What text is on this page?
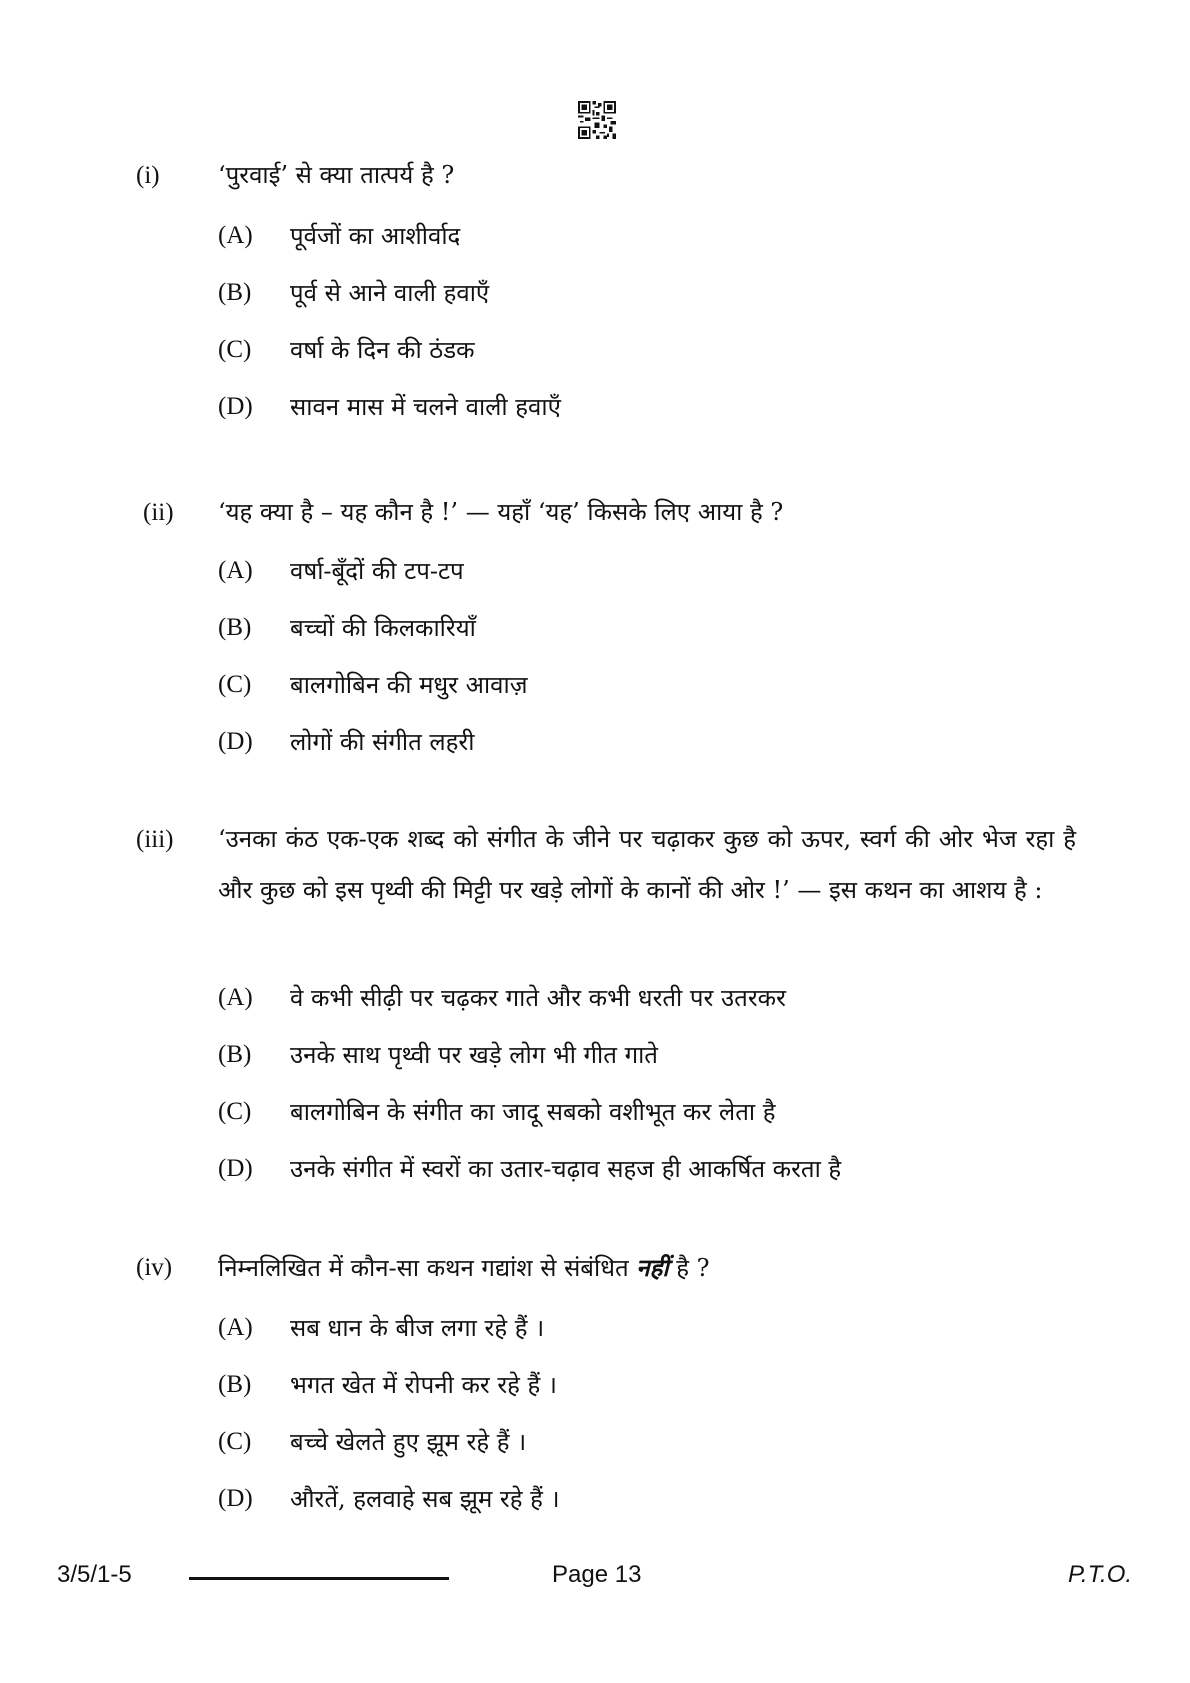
(i) ‘पुरवाई’ से क्या तात्पर्य है ?
(A) पूर्वजों का आशीर्वाद
(B) पूर्व से आने वाली हवाएँ
(C) वर्षा के दिन की ठंडक
(D) सावन मास में चलने वाली हवाएँ
(ii) ‘यह क्या है – यह कौन है !’ — यहाँ ‘यह’ किसके लिए आया है ?
(A) वर्षा-बूँदों की टप-टप
(B) बच्चों की किलकारियाँ
(C) बालगोबिन की मधुर आवाज़
(D) लोगों की संगीत लहरी
(iii) ‘उनका कंठ एक-एक शब्द को संगीत के जीने पर चढ़ाकर कुछ को ऊपर, स्वर्ग की ओर भेज रहा है और कुछ को इस पृथ्वी की मिट्टी पर खड़े लोगों के कानों की ओर !’ — इस कथन का आशय है :
(A) वे कभी सीढ़ी पर चढ़कर गाते और कभी धरती पर उतरकर
(B) उनके साथ पृथ्वी पर खड़े लोग भी गीत गाते
(C) बालगोबिन के संगीत का जादू सबको वशीभूत कर लेता है
(D) उनके संगीत में स्वरों का उतार-चढ़ाव सहज ही आकर्षित करता है
(iv) निम्नलिखित में कौन-सा कथन गद्यांश से संबंधित नहीं है ?
(A) सब धान के बीज लगा रहे हैं ।
(B) भगत खेत में रोपनी कर रहे हैं ।
(C) बच्चे खेलते हुए झूम रहे हैं ।
(D) औरतें, हलवाहे सब झूम रहे हैं ।
3/5/1-5	Page 13	P.T.O.
